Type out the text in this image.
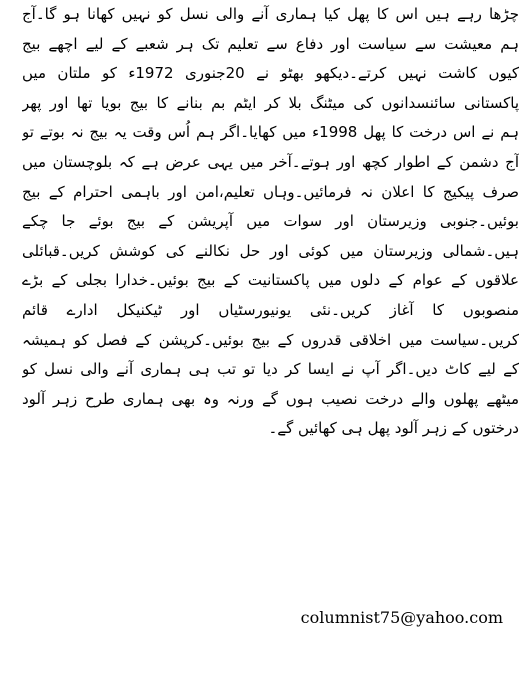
چڑھا رہے ہیں اس کا پھل کیا ہماری آنے والی نسل کو نہیں کھانا ہو گا۔آج
ہم معیشت سے سیاست اور دفاع سے تعلیم تک ہر شعبے کے لیے اچھے بیج
کیوں کاشت نہیں کرتے۔دیکھو بھٹو نے 20جنوری 1972ء کو ملتان میں
پاکستانی سائنسدانوں کی میٹنگ بلا کر ایٹم بم بنانے کا بیج بویا تھا اور پھر
ہم نے اس درخت کا پھل 1998ء میں کھایا۔اگر ہم اُس وقت یہ بیج نہ بوتے تو
آج دشمن کے اطوار کچھ اور ہوتے۔آخر میں یہی عرض ہے کہ بلوچستان میں
صرف پیکیج کا اعلان نہ فرمائیں۔وہاں تعلیم،امن اور باہمی احترام کے بیج
بوئیں۔جنوبی وزیرستان اور سوات میں آپریشن کے بیج بوئے جا چکے
ہیں۔شمالی وزیرستان میں کوئی اور حل نکالنے کی کوشش کریں۔قبائلی
علاقوں کے عوام کے دلوں میں پاکستانیت کے بیج بوئیں۔خدارا بجلی کے بڑے
منصوبوں کا آغاز کریں۔نئی یونیورسٹیاں اور ٹیکنیکل ادارے قائم
کریں۔سیاست میں اخلاقی قدروں کے بیج بوئیں۔کرپشن کے فصل کو ہمیشہ
کے لیے کاٹ دیں۔اگر آپ نے ایسا کر دیا تو تب ہی ہماری آنے والی نسل کو
میٹھے پھلوں والے درخت نصیب ہوں گے ورنہ وہ بھی ہماری طرح زہر آلود
درختوں کے زہر آلود پھل ہی کھائیں گے۔
columnist75@yahoo.com
